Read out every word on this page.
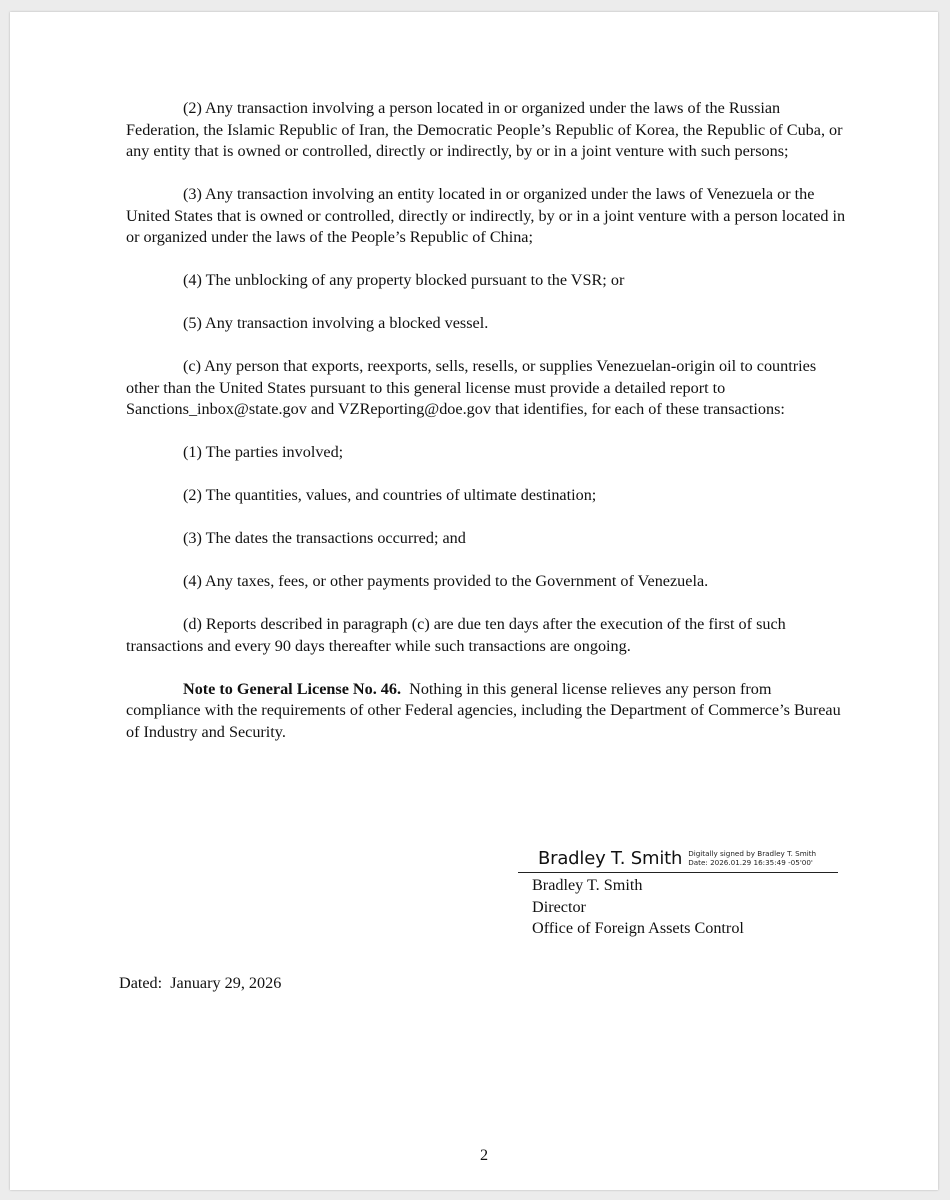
(2) Any transaction involving a person located in or organized under the laws of the Russian Federation, the Islamic Republic of Iran, the Democratic People’s Republic of Korea, the Republic of Cuba, or any entity that is owned or controlled, directly or indirectly, by or in a joint venture with such persons;

(3) Any transaction involving an entity located in or organized under the laws of Venezuela or the United States that is owned or controlled, directly or indirectly, by or in a joint venture with a person located in or organized under the laws of the People’s Republic of China;

(4) The unblocking of any property blocked pursuant to the VSR; or

(5) Any transaction involving a blocked vessel.

(c) Any person that exports, reexports, sells, resells, or supplies Venezuelan-origin oil to countries other than the United States pursuant to this general license must provide a detailed report to Sanctions_inbox@state.gov and VZReporting@doe.gov that identifies, for each of these transactions:

(1) The parties involved;

(2) The quantities, values, and countries of ultimate destination;

(3) The dates the transactions occurred; and

(4) Any taxes, fees, or other payments provided to the Government of Venezuela.

(d) Reports described in paragraph (c) are due ten days after the execution of the first of such transactions and every 90 days thereafter while such transactions are ongoing.

Note to General License No. 46. Nothing in this general license relieves any person from compliance with the requirements of other Federal agencies, including the Department of Commerce’s Bureau of Industry and Security.

Bradley T. Smith Digitally signed by Bradley T. Smith
Date: 2026.01.29 16:35:49 -05'00'
Bradley T. Smith
Director
Office of Foreign Assets Control
Dated:  January 29, 2026
2
